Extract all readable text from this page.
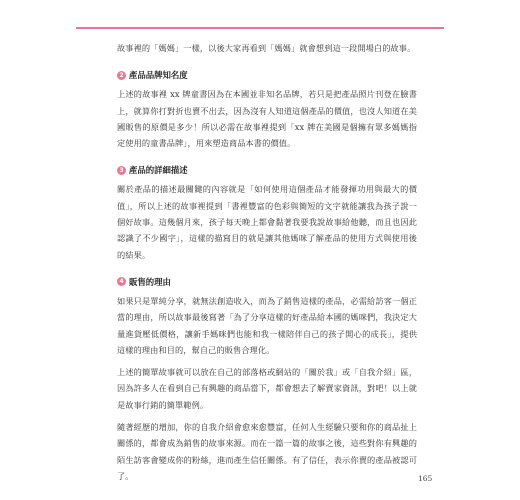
故事裡的「媽媽」一樣，以後大家再看到「媽媽」就會想到這一段開場白的故事。

2 產品品牌知名度

上述的故事裡 xx 牌童書因為在本國並非知名品牌，若只是把產品照片刊登在臉書上，就算你打對折也賣不出去，因為沒有人知道這個產品的價值，也沒人知道在美國販售的原價是多少！所以必需在故事裡提到「xx 牌在美國是個擁有眾多媽媽指定使用的童書品牌」，用來塑造商品本書的價值。

3 產品的詳細描述

關於產品的描述最關鍵的內容就是「如何使用這個產品才能發揮功用與最大的價值」，所以上述的故事裡提到「書裡豐富的色彩與簡短的文字就能讓我為孩子說一個好故事。這幾個月來，孩子每天晚上都會黏著我要我說故事給他聽，而且也因此認識了不少國字」，這樣的描寫目的就是讓其他媽咪了解產品的使用方式與使用後的結果。

4 販售的理由

如果只是單純分享，就無法創造收入，而為了銷售這樣的產品，必需給訪客一個正當的理由，所以故事最後寫著「為了分享這樣的好產品給本國的媽咪們，我決定大量進貨壓低價格，讓新手媽咪們也能和我一樣陪伴自己的孩子開心的成長」，提供這樣的理由和目的，幫自己的販售合理化。

上述的簡單故事就可以放在自己的部落格或網站的「關於我」或「自我介紹」區，因為許多人在看到自己有興趣的商品當下，都會想去了解賣家資訊，對吧！以上就是故事行銷的簡單範例。

隨著經歷的增加，你的自我介紹會愈來愈豐富，任何人生經驗只要和你的商品扯上關係的，都會成為銷售的故事來源。而在一篇一篇的故事之後，這些對你有興趣的陌生訪客會變成你的粉絲，進而產生信任關係。有了信任，表示你賣的產品被認可了。	165
